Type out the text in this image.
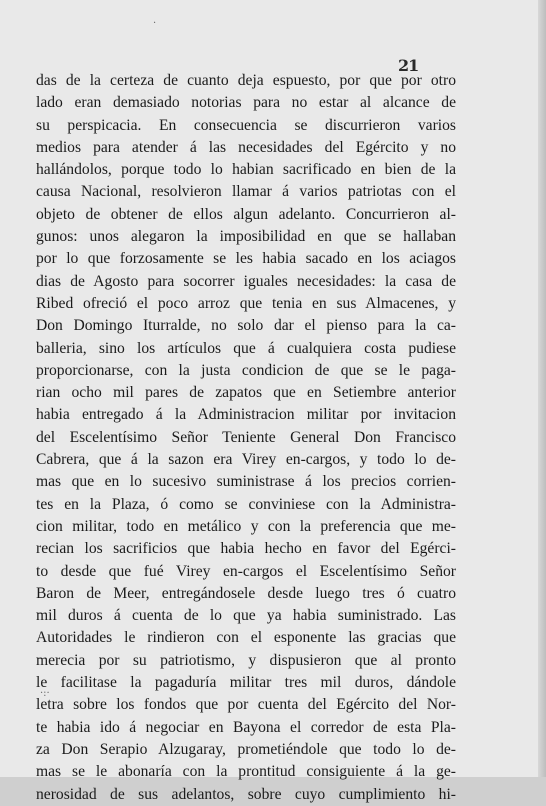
21
das de la certeza de cuanto deja espuesto, por que por otro
lado eran demasiado notorias para no estar al alcance de
su perspicacia. En consecuencia se discurrieron varios
medios para atender á las necesidades del Egército y no
hallándolos, porque todo lo habian sacrificado en bien de la
causa Nacional, resolvieron llamar á varios patriotas con el
objeto de obtener de ellos algun adelanto. Concurrieron al-
gunos: unos alegaron la imposibilidad en que se hallaban
por lo que forzosamente se les habia sacado en los aciagos
dias de Agosto para socorrer iguales necesidades: la casa de
Ribed ofreció el poco arroz que tenia en sus Almacenes, y
Don Domingo Iturralde, no solo dar el pienso para la ca-
balleria, sino los artículos que á cualquiera costa pudiese
proporcionarse, con la justa condicion de que se le paga-
rian ocho mil pares de zapatos que en Setiembre anterior
habia entregado á la Administracion militar por invitacion
del Escelentísimo Señor Teniente General Don Francisco
Cabrera, que á la sazon era Virey en-cargos, y todo lo de-
mas que en lo sucesivo suministrase á los precios corrien-
tes en la Plaza, ó como se conviniese con la Administra-
cion militar, todo en metálico y con la preferencia que me-
recian los sacrificios que habia hecho en favor del Egérci-
to desde que fué Virey en-cargos el Escelentísimo Señor
Baron de Meer, entregándosele desde luego tres ó cuatro
mil duros á cuenta de lo que ya habia suministrado. Las
Autoridades le rindieron con el esponente las gracias que
merecia por su patriotismo, y dispusieron que al pronto
le facilitase la pagaduría militar tres mil duros, dándole
letra sobre los fondos que por cuenta del Egército del Nor-
te habia ido á negociar en Bayona el corredor de esta Pla-
za Don Serapio Alzugaray, prometiéndole que todo lo de-
mas se le abonaría con la prontitud consiguiente á la ge-
nerosidad de sus adelantos, sobre cuyo cumplimiento hi-
·
·:·
